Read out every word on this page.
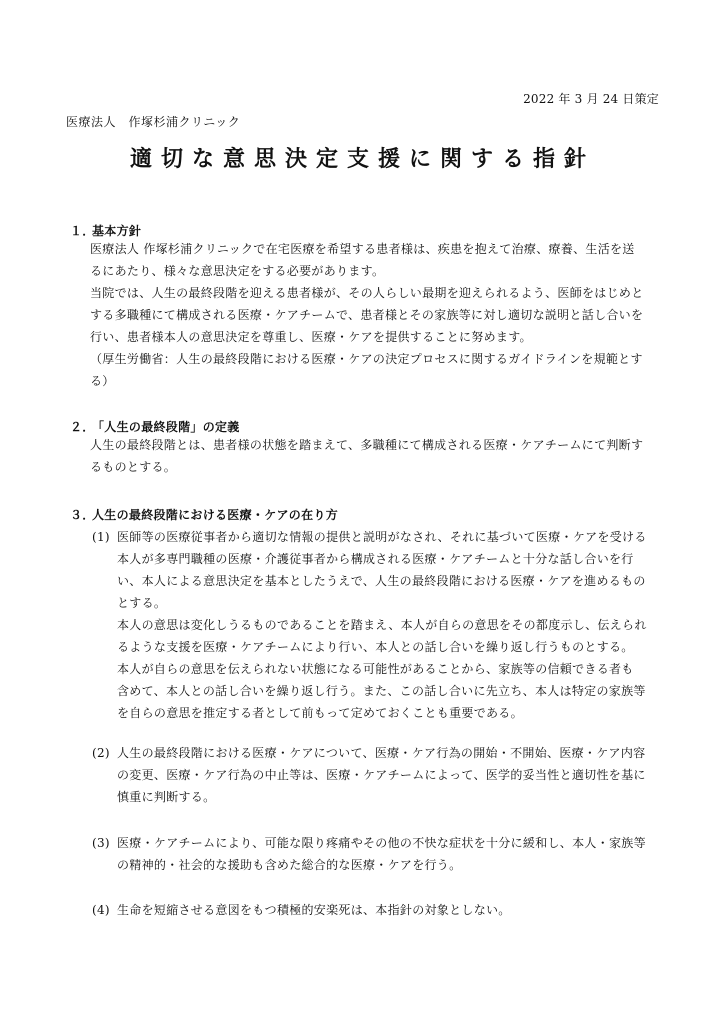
2022 年 3 月 24 日策定
医療法人　作塚杉浦クリニック
適切な意思決定支援に関する指針
１．
基本方針
医療法人 作塚杉浦クリニックで在宅医療を希望する患者様は、疾患を抱えて治療、療養、生活を送
るにあたり、様々な意思決定をする必要があります。
当院では、人生の最終段階を迎える患者様が、その人らしい最期を迎えられるよう、医師をはじめと
する多職種にて構成される医療・ケアチームで、患者様とその家族等に対し適切な説明と話し合いを
行い、患者様本人の意思決定を尊重し、医療・ケアを提供することに努めます。
（厚生労働省：人生の最終段階における医療・ケアの決定プロセスに関するガイドラインを規範とす
る）
２．
「人生の最終段階」の定義
人生の最終段階とは、患者様の状態を踏まえて、多職種にて構成される医療・ケアチームにて判断す
るものとする。
３．
人生の最終段階における医療・ケアの在り方
(1) 医師等の医療従事者から適切な情報の提供と説明がなされ、それに基づいて医療・ケアを受ける
本人が多専門職種の医療・介護従事者から構成される医療・ケアチームと十分な話し合いを行
い、本人による意思決定を基本としたうえで、人生の最終段階における医療・ケアを進めるもの
とする。
本人の意思は変化しうるものであることを踏まえ、本人が自らの意思をその都度示し、伝えられ
るような支援を医療・ケアチームにより行い、本人との話し合いを繰り返し行うものとする。
本人が自らの意思を伝えられない状態になる可能性があることから、家族等の信頼できる者も
含めて、本人との話し合いを繰り返し行う。また、この話し合いに先立ち、本人は特定の家族等
を自らの意思を推定する者として前もって定めておくことも重要である。
(2) 人生の最終段階における医療・ケアについて、医療・ケア行為の開始・不開始、医療・ケア内容
の変更、医療・ケア行為の中止等は、医療・ケアチームによって、医学的妥当性と適切性を基に
慎重に判断する。
(3) 医療・ケアチームにより、可能な限り疼痛やその他の不快な症状を十分に緩和し、本人・家族等
の精神的・社会的な援助も含めた総合的な医療・ケアを行う。
(4) 生命を短縮させる意図をもつ積極的安楽死は、本指針の対象としない。
